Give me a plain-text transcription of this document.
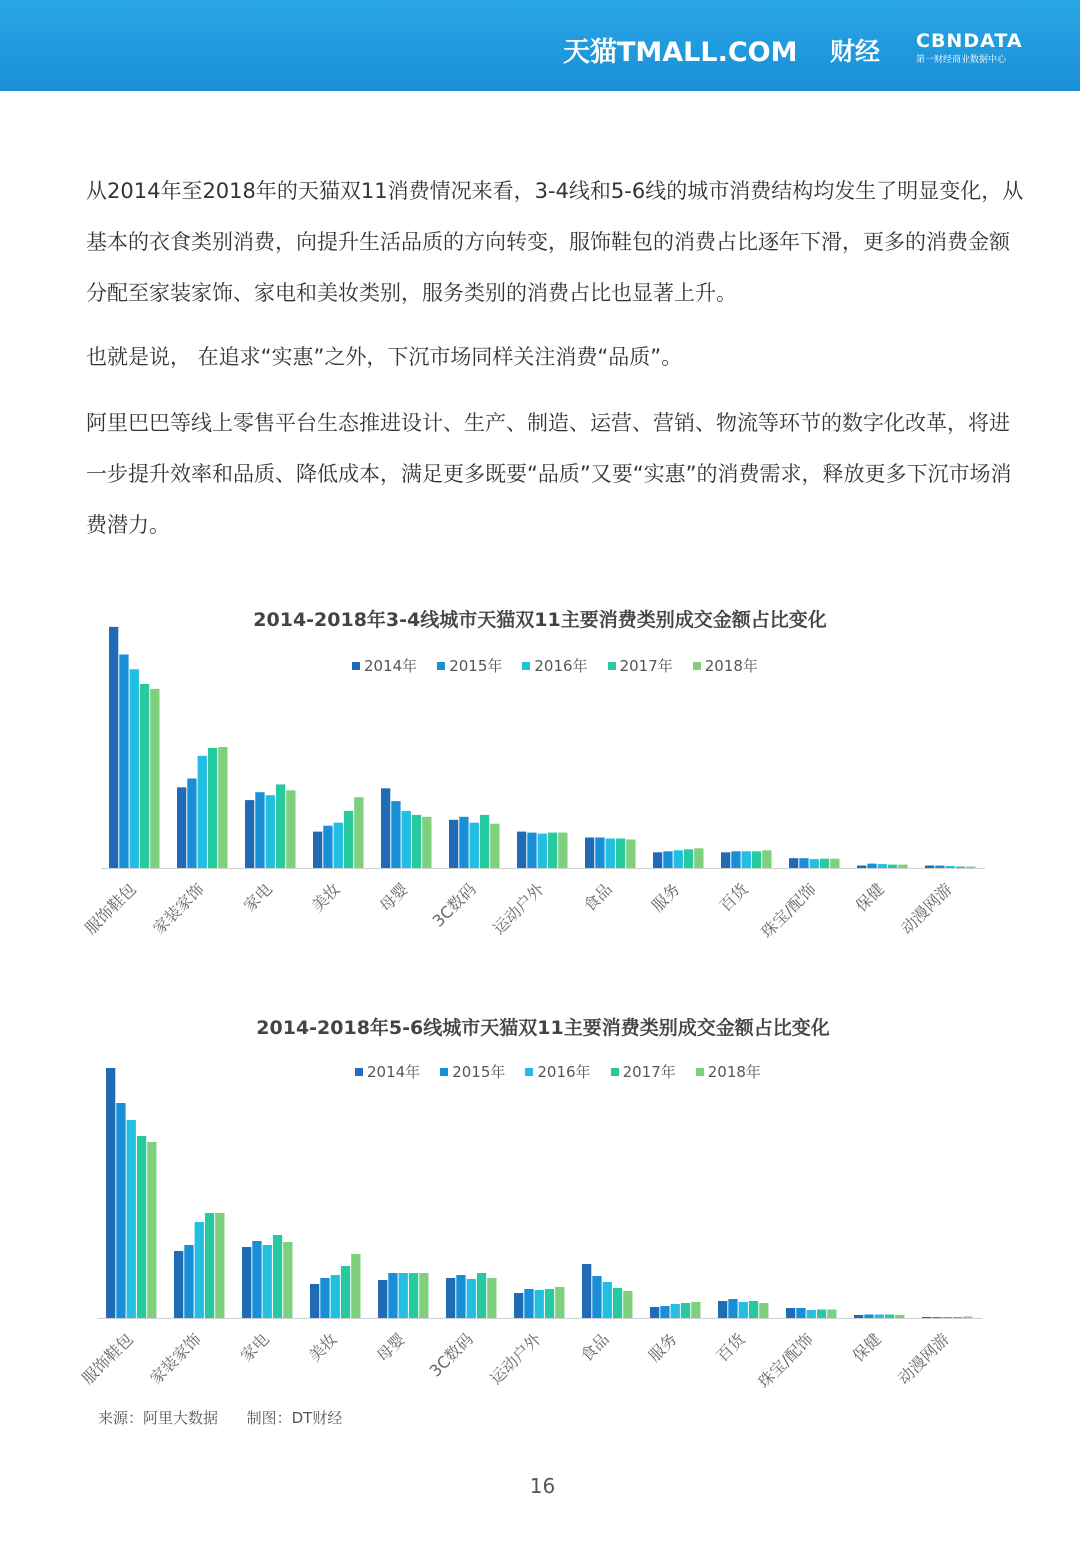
天猫TMALL.COM 财经 CBNDATA
第一财经商业数据中心

从2014年至2018年的天猫双11消费情况来看，3-4线和5-6线的城市消费结构均发生了明显变化，从基本的衣食类别消费，向提升生活品质的方向转变，服饰鞋包的消费占比逐年下滑，更多的消费金额分配至家装家饰、家电和美妆类别，服务类别的消费占比也显著上升。

也就是说， 在追求“实惠”之外，下沉市场同样关注消费“品质”。

阿里巴巴等线上零售平台生态推进设计、生产、制造、运营、营销、物流等环节的数字化改革，将进一步提升效率和品质、降低成本，满足更多既要“品质”又要“实惠”的消费需求，释放更多下沉市场消费潜力。

2014-2018年3-4线城市天猫双11主要消费类别成交金额占比变化
2014年 2015年 2016年 2017年 2018年
服饰鞋包 家装家饰 家电 美妆 母婴 3C数码 运动户外 食品 服务 百货 珠宝/配饰 保健 动漫网游
2014-2018年5-6线城市天猫双11主要消费类别成交金额占比变化
2014年 2015年 2016年 2017年 2018年
服饰鞋包 家装家饰 家电 美妆 母婴 3C数码 运动户外 食品 服务 百货 珠宝/配饰 保健 动漫网游
来源：阿里大数据      制图：DT财经
16
